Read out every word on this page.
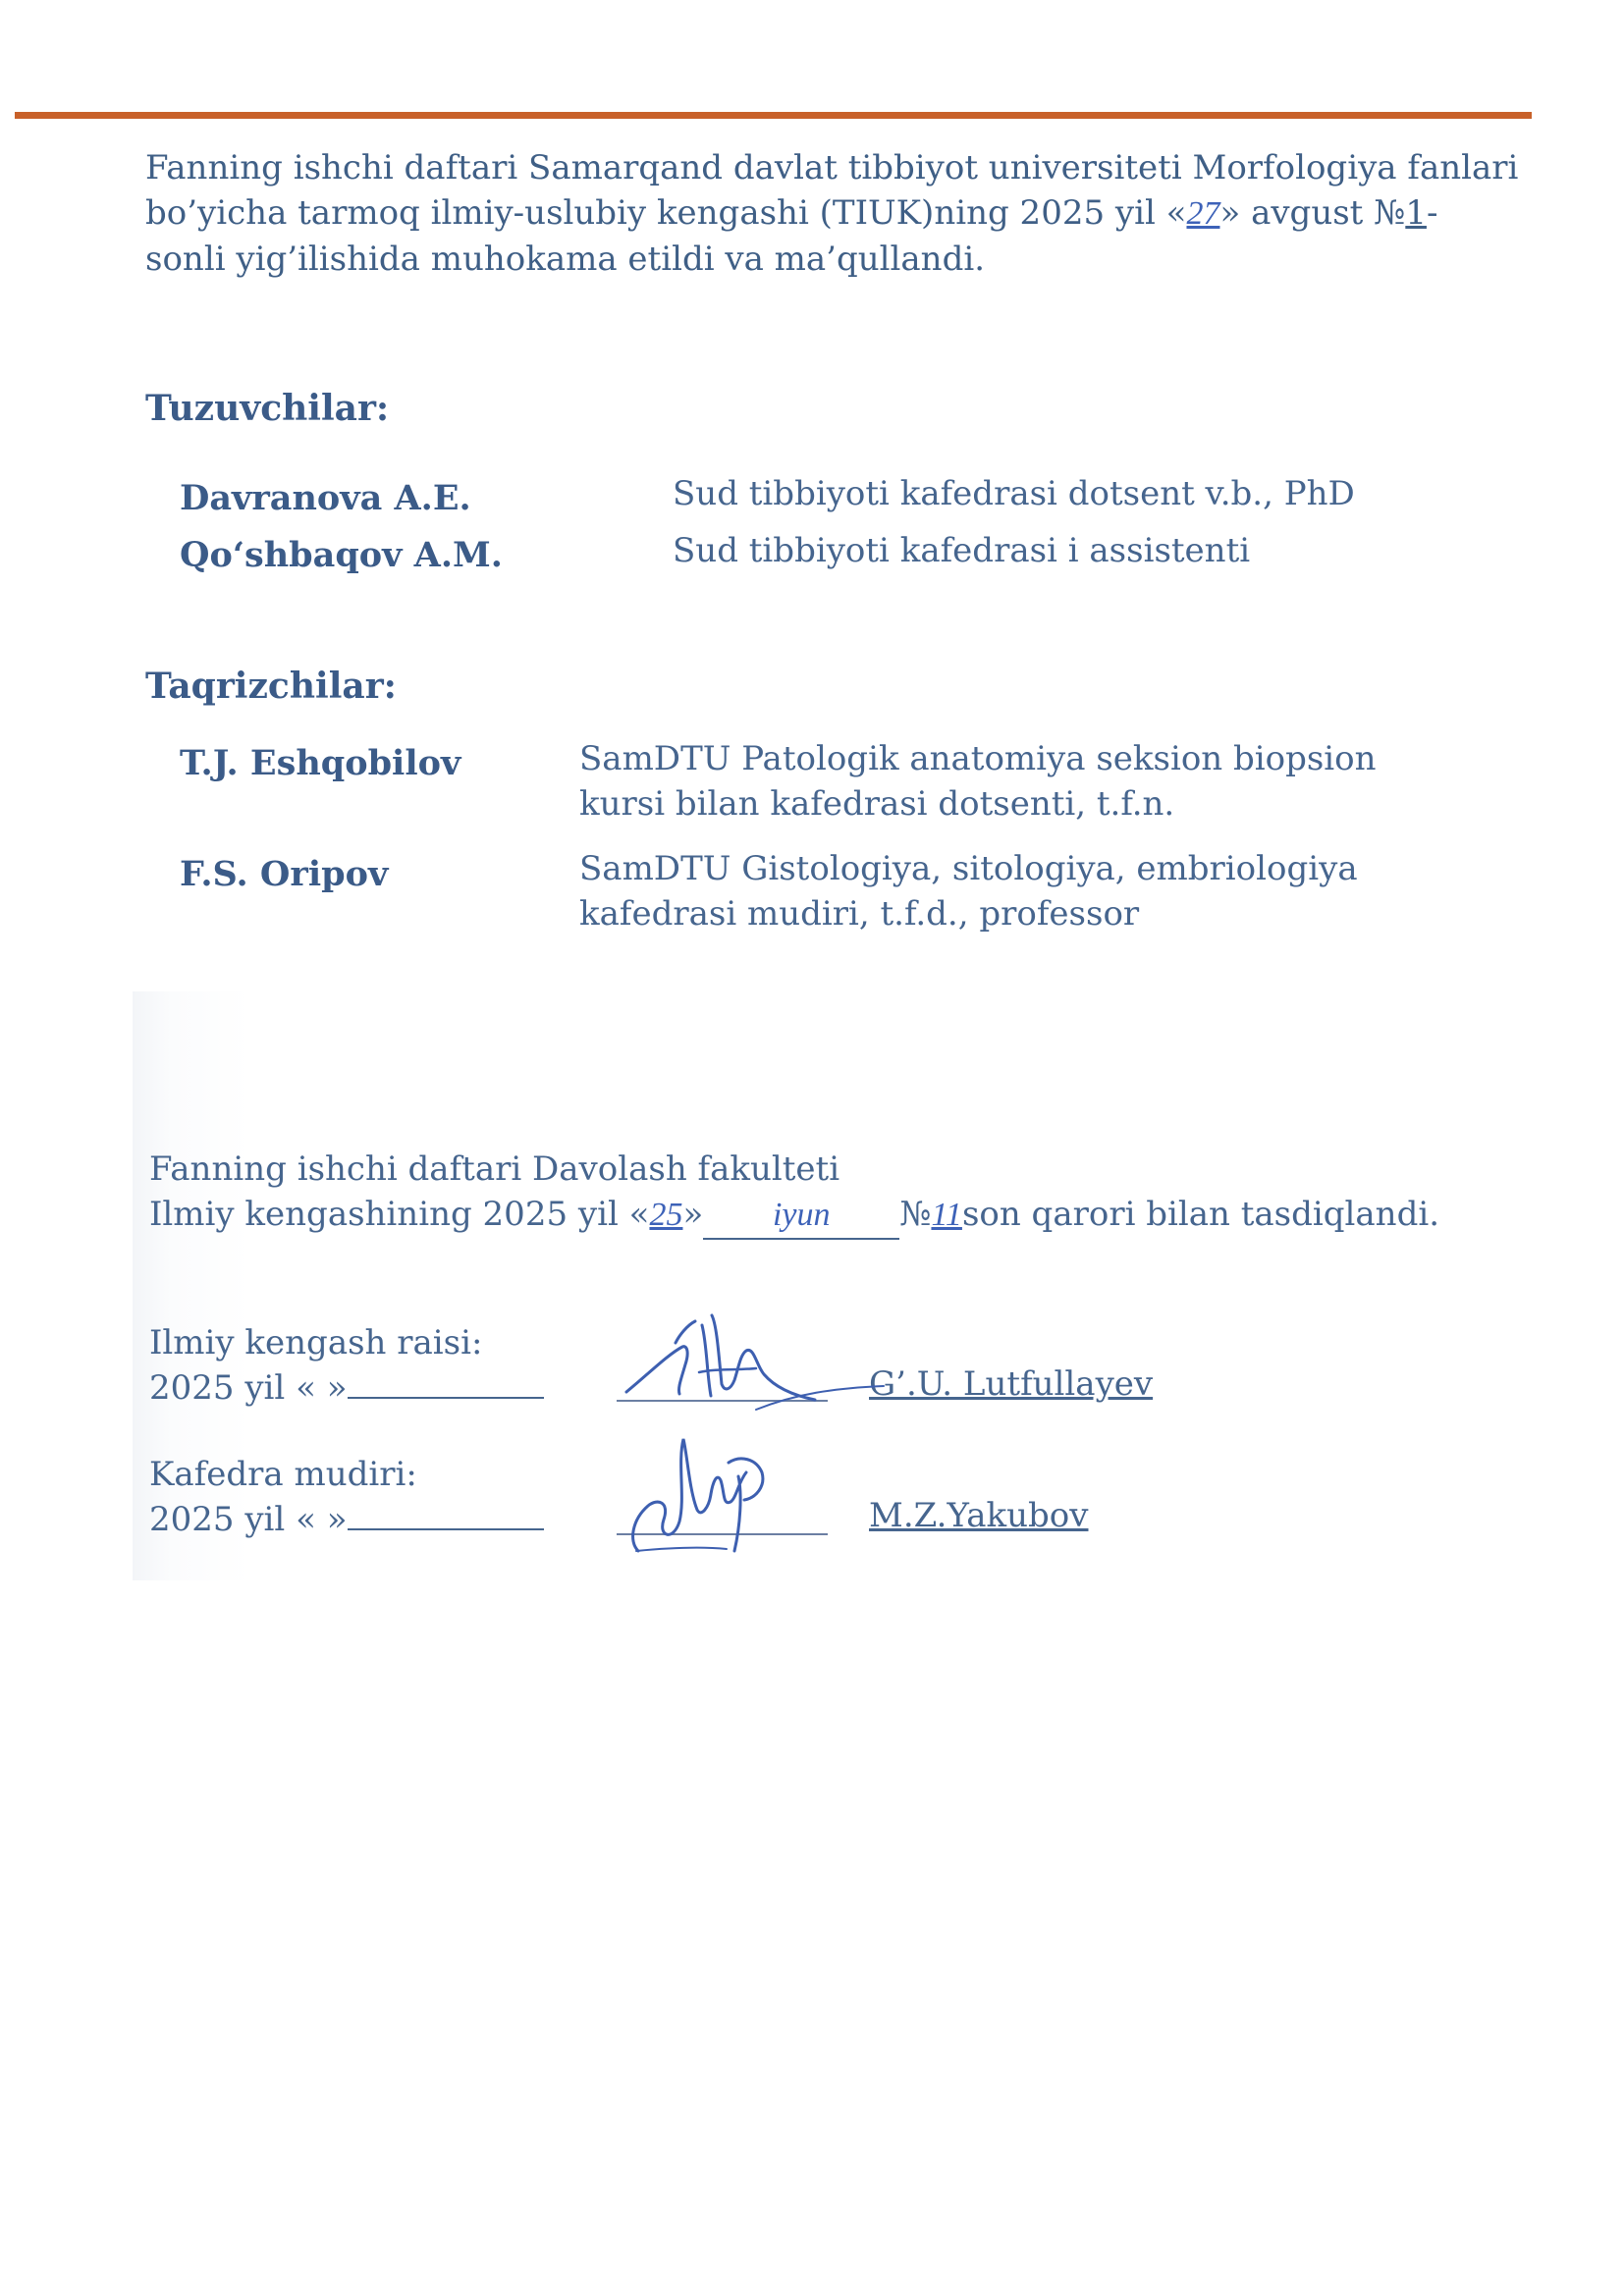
Fanning ishchi daftari Samarqand davlat tibbiyot universiteti Morfologiya fanlari
bo’yicha tarmoq ilmiy-uslubiy kengashi (TIUK)ning 2025 yil «27» avgust №1-
sonli yig’ilishida muhokama etildi va ma’qullandi.
Tuzuvchilar:
Davranova A.E.	Sud tibbiyoti kafedrasi dotsent v.b., PhD
Qo‘shbaqov A.M.	Sud tibbiyoti kafedrasi i assistenti
Taqrizchilar:
T.J. Eshqobilov	SamDTU Patologik anatomiya seksion biopsion
kursi bilan kafedrasi dotsenti, t.f.n.
F.S. Oripov	SamDTU Gistologiya, sitologiya, embriologiya
kafedrasi mudiri, t.f.d., professor
Fanning ishchi daftari Davolash fakulteti
Ilmiy kengashining 2025 yil «25» iyun №11son qarori bilan tasdiqlandi.
Ilmiy kengash raisi:
2025 yil « »	G’.U. Lutfullayev
Kafedra mudiri:
2025 yil « »	M.Z.Yakubov
